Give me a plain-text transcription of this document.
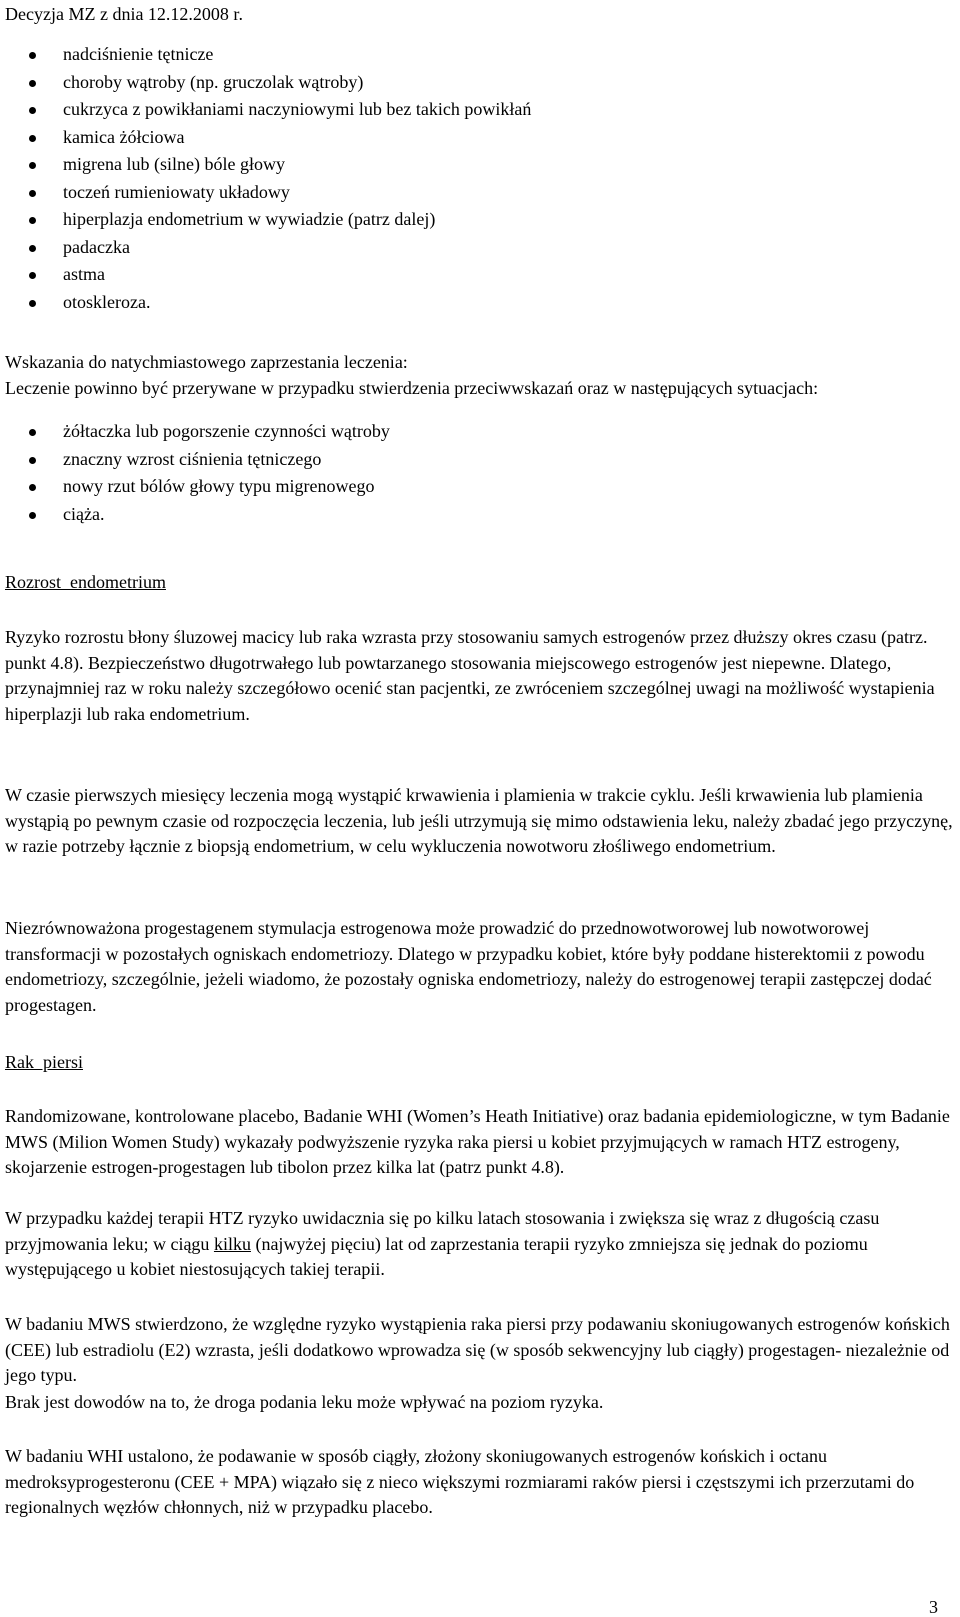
Decyzja MZ z dnia 12.12.2008 r.
nadciśnienie tętnicze
choroby wątroby (np. gruczolak wątroby)
cukrzyca z powikłaniami naczyniowymi lub bez takich powikłań
kamica żółciowa
migrena lub (silne) bóle głowy
toczeń rumieniowaty układowy
hiperplazja endometrium w wywiadzie (patrz dalej)
padaczka
astma
otoskleroza.

Wskazania do natychmiastowego zaprzestania leczenia:

Leczenie powinno być przerywane w przypadku stwierdzenia przeciwwskazań oraz w następujących sytuacjach:

żółtaczka lub pogorszenie czynności wątroby
znaczny wzrost ciśnienia tętniczego
nowy rzut bólów głowy typu migrenowego
ciąża.

Rozrost  endometrium

Ryzyko rozrostu błony śluzowej macicy lub raka wzrasta przy stosowaniu samych estrogenów przez dłuższy okres czasu (patrz. punkt 4.8). Bezpieczeństwo długotrwałego lub powtarzanego stosowania miejscowego estrogenów jest niepewne. Dlatego, przynajmniej raz w roku należy szczegółowo ocenić stan pacjentki, ze zwróceniem szczególnej uwagi na możliwość wystapienia hiperplazji lub raka endometrium.

W czasie pierwszych miesięcy leczenia mogą wystąpić krwawienia i plamienia w trakcie cyklu. Jeśli krwawienia lub plamienia wystąpią po pewnym czasie od rozpoczęcia leczenia, lub jeśli utrzymują się mimo odstawienia leku, należy zbadać jego przyczynę, w razie potrzeby łącznie z biopsją endometrium, w celu wykluczenia nowotworu złośliwego endometrium.

Niezrównoważona progestagenem stymulacja estrogenowa może prowadzić do przednowotworowej lub nowotworowej transformacji w pozostałych ogniskach endometriozy. Dlatego w przypadku kobiet, które były poddane histerektomii z powodu endometriozy, szczególnie, jeżeli wiadomo, że pozostały ogniska endometriozy, należy do estrogenowej terapii zastępczej dodać progestagen.

Rak  piersi

Randomizowane, kontrolowane placebo, Badanie WHI (Women’s Heath Initiative) oraz badania epidemiologiczne, w tym Badanie MWS (Milion Women Study) wykazały podwyższenie ryzyka raka piersi u kobiet przyjmujących w ramach HTZ estrogeny, skojarzenie estrogen-progestagen lub tibolon przez kilka lat (patrz punkt 4.8).

W przypadku każdej terapii HTZ ryzyko uwidacznia się po kilku latach stosowania i zwiększa się wraz z długością czasu przyjmowania leku; w ciągu kilku (najwyżej pięciu) lat od zaprzestania terapii ryzyko zmniejsza się jednak do poziomu występującego u kobiet niestosujących takiej terapii.

W badaniu MWS stwierdzono, że względne ryzyko wystąpienia raka piersi przy podawaniu skoniugowanych estrogenów końskich (CEE) lub estradiolu (E2) wzrasta, jeśli dodatkowo wprowadza się (w sposób sekwencyjny lub ciągły) progestagen- niezależnie od jego typu.

Brak jest dowodów na to, że droga podania leku może wpływać na poziom ryzyka.

W badaniu WHI ustalono, że podawanie w sposób ciągły, złożony skoniugowanych estrogenów końskich i octanu medroksyprogesteronu (CEE + MPA) wiązało się z nieco większymi rozmiarami raków piersi i częstszymi ich przerzutami do regionalnych węzłów chłonnych, niż w przypadku placebo.

3
